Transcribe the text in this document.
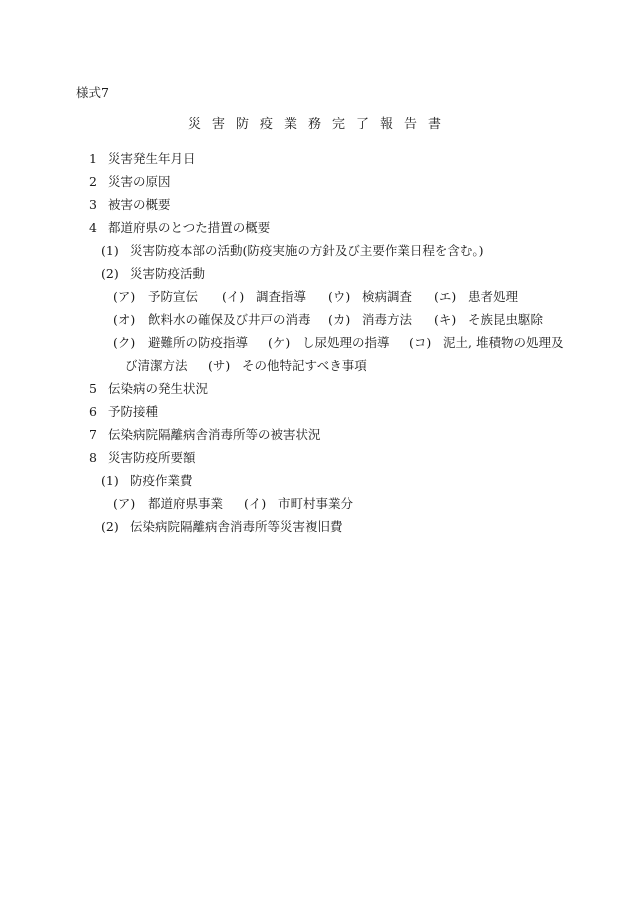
様式7
災害防疫業務完了報告書
1 災害発生年月日
2 災害の原因
3 被害の概要
4 都道府県のとつた措置の概要
(1) 災害防疫本部の活動(防疫実施の方針及び主要作業日程を含む。)
(2) 災害防疫活動
(ア) 予防宣伝 (イ) 調査指導 (ウ) 検病調査 (エ) 患者処理
(オ) 飲料水の確保及び井戸の消毒 (カ) 消毒方法 (キ) そ族昆虫駆除
(ク) 避難所の防疫指導 (ケ) し尿処理の指導 (コ) 泥土, 堆積物の処理及
び清潔方法 (サ) その他特記すべき事項
5 伝染病の発生状況
6 予防接種
7 伝染病院隔離病舎消毒所等の被害状況
8 災害防疫所要額
(1) 防疫作業費
(ア) 都道府県事業 (イ) 市町村事業分
(2) 伝染病院隔離病舎消毒所等災害複旧費
